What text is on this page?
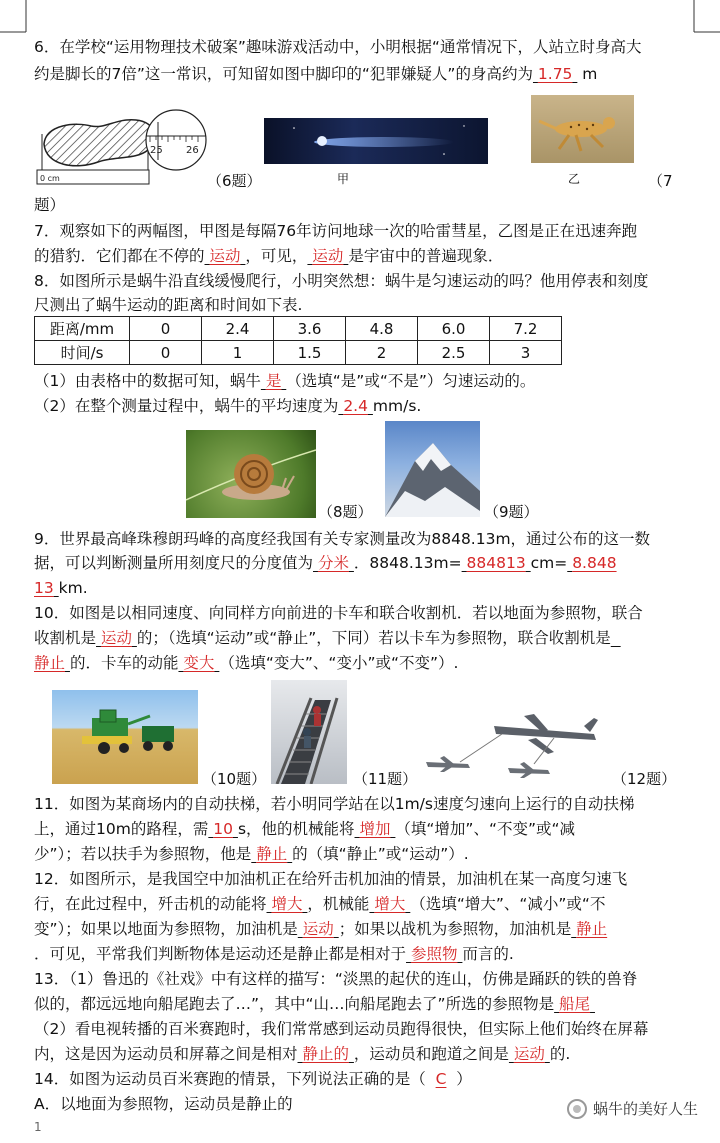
6．在学校“运用物理技术破案”趣味游戏活动中，小明根据“通常情况下，人站立时身高大
约是脚长的7倍”这一常识，可知留如图中脚印的“犯罪嫌疑人”的身高约为 1.75 m
0 cm
25 26
（6题）	甲	乙	（7
题）
7．观察如下的两幅图，甲图是每隔76年访问地球一次的哈雷彗星，乙图是正在迅速奔跑
的猎豹．它们都在不停的 运动 ，可见， 运动 是宇宙中的普遍现象．
8．如图所示是蜗牛沿直线缓慢爬行，小明突然想：蜗牛是匀速运动的吗？他用停表和刻度
尺测出了蜗牛运动的距离和时间如下表.
距离/mm	0	2.4	3.6	4.8	6.0	7.2
时间/s	0	1	1.5	2	2.5	3
（1）由表格中的数据可知，蜗牛 是 （选填“是”或“不是”）匀速运动的。
（2）在整个测量过程中，蜗牛的平均速度为 2.4 mm/s.
（8题）	（9题）
9．世界最高峰珠穆朗玛峰的高度经我国有关专家测量改为8848.13m，通过公布的这一数
据，可以判断测量所用刻度尺的分度值为 分米 ．8848.13m= 884813 cm= 8.848
13 km.
10．如图是以相同速度、向同样方向前进的卡车和联合收割机．若以地面为参照物，联合
收割机是 运动 的；（选填“运动”或“静止”，下同）若以卡车为参照物，联合收割机是
静止 的．卡车的动能 变大 （选填“变大”、“变小”或“不变”）.
（10题）	（11题）	（12题）
11．如图为某商场内的自动扶梯，若小明同学站在以1m/s速度匀速向上运行的自动扶梯
上，通过10m的路程，需 10 s，他的机械能将 增加 （填“增加”、“不变”或“减
少”）；若以扶手为参照物，他是 静止 的（填“静止”或“运动”）.
12．如图所示，是我国空中加油机正在给歼击机加油的情景，加油机在某一高度匀速飞
行，在此过程中，歼击机的动能将 增大 ，机械能 增大 （选填“增大”、“减小”或“不
变”）；如果以地面为参照物，加油机是 运动 ；如果以战机为参照物，加油机是 静止
．可见，平常我们判断物体是运动还是静止都是相对于 参照物 而言的.
13．（1）鲁迅的《社戏》中有这样的描写：“淡黑的起伏的连山，仿佛是踊跃的铁的兽脊
似的，都远远地向船尾跑去了…”，其中“山…向船尾跑去了”所选的参照物是 船尾
（2）看电视转播的百米赛跑时，我们常常感到运动员跑得很快，但实际上他们始终在屏幕
内，这是因为运动员和屏幕之间是相对 静止的 ，运动员和跑道之间是 运动 的.
14．如图为运动员百米赛跑的情景，下列说法正确的是（ C ）
A．以地面为参照物，运动员是静止的
1
蜗牛的美好人生
